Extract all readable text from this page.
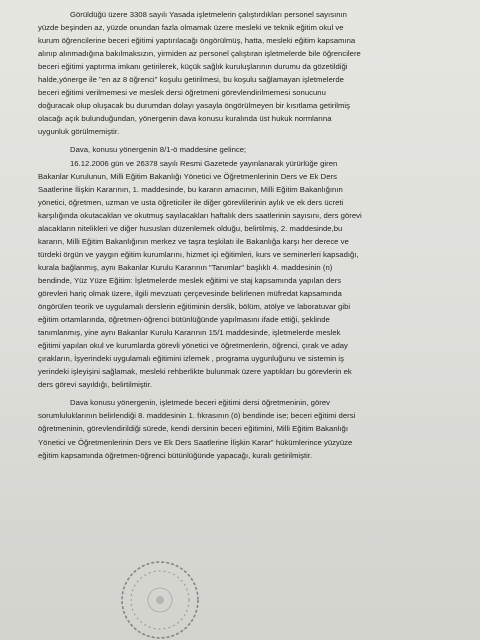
Görüldüğü üzere 3308 sayılı Yasada işletmelerin çalıştırdıkları personel sayısının
yüzde beşinden az, yüzde onundan fazla olmamak üzere mesleki ve teknik eğitim okul ve
kurum öğrencilerine beceri eğitimi yaptırılacağı öngörülmüş, hatta, mesleki eğitim kapsamına
alınıp alınmadığına bakılmaksızın, yirmiden az personel çalıştıran işletmelerde bile öğrencilere
beceri eğitimi yaptırma imkanı getirilerek, küçük sağlık kuruluşlarının durumu da gözetildiği
halde,yönerge ile "en az 8 öğrenci" koşulu getirilmesi, bu koşulu sağlamayan işletmelerde
beceri eğitimi verilmemesi ve meslek dersi öğretmeni görevlendirilmemesi sonucunu
doğuracak olup oluşacak bu durumdan dolayı yasayla öngörülmeyen bir kısıtlama getirilmiş
olacağı açık bulunduğundan, yönergenin dava konusu kuralında üst hukuk normlarına
uygunluk görülmemiştir.
Dava, konusu yönergenin 8/1-ö maddesine gelince;
16.12.2006 gün ve 26378 sayılı Resmi Gazetede yayınlanarak yürürlüğe giren
Bakanlar Kurulunun, Milli Eğitim Bakanlığı Yönetici ve Öğretmenlerinin Ders ve Ek Ders
Saatlerine İlişkin Kararının, 1. maddesinde, bu kararın amacının, Milli Eğitim Bakanlığının
yönetici, öğretmen, uzman ve usta öğreticiler ile diğer görevlilerinin aylık ve ek ders ücreti
karşılığında okutacakları ve okutmuş sayılacakları haftalık ders saatlerinin sayısını, ders görevi
alacakların nitelikleri ve diğer hususları düzenlemek olduğu, belirtilmiş, 2. maddesinde,bu
kararın, Milli Eğitim Bakanlığının merkez ve taşra teşkilatı ile Bakanlığa karşı her derece ve
türdeki örgün ve yaygın eğitim kurumlarını, hizmet içi eğitimleri, kurs ve seminerleri kapsadığı,
kurala bağlanmış, aynı Bakanlar Kurulu Kararının "Tanımlar" başlıklı 4. maddesinin (n)
bendinde, Yüz Yüze Eğitim: İşletmelerde meslek eğitimi ve staj kapsamında yapılan ders
görevleri hariç olmak üzere, ilgili mevzuatı çerçevesinde belirlenen müfredat kapsamında
öngörülen teorik ve uygulamalı derslerin eğitiminin derslik, bölüm, atölye ve laboratuvar gibi
eğitim ortamlarında, öğretmen-öğrenci bütünlüğünde yapılmasını ifade ettiği, şeklinde
tanımlanmış, yine aynı Bakanlar Kurulu Kararının 15/1 maddesinde, işletmelerde meslek
eğitimi yapılan okul ve kurumlarda görevli yönetici ve öğretmenlerin, öğrenci, çırak ve aday
çırakların, İşyerindeki uygulamalı eğitimini izlemek , programa uygunluğunu ve sistemin iş
yerindeki işleyişini sağlamak, mesleki rehberlikte bulunmak üzere yaptıkları bu görevlerin ek
ders görevi sayıldığı, belirtilmiştir.
Dava konusu yönergenin, işletmede beceri eğitimi dersi öğretmeninin, görev
sorumluluklarının belirlendiği 8. maddesinin 1. fıkrasının (ö) bendinde ise; beceri eğitimi dersi
öğretmeninin, görevlendirildiği sürede, kendi dersinin beceri eğitimini, Milli Eğitim Bakanlığı
Yönetici ve Öğretmenlerinin Ders ve Ek Ders Saatlerine İlişkin Karar" hükümlerince yüzyüze
eğitim kapsamında öğretmen-öğrenci bütünlüğünde yapacağı, kuralı getirilmiştir.
